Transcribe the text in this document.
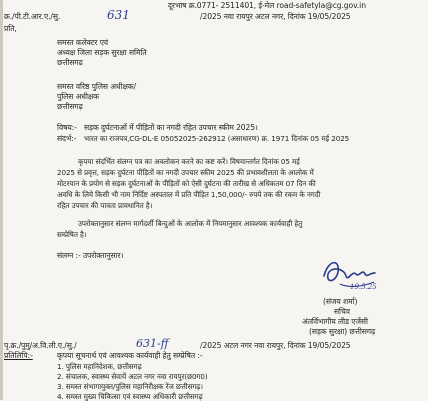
दूरभाष क्र.0771- 2511401, ई-मेल road-safetyla@cg.gov.in
क्र./पी.टी.आर.ए./सु.	631	/2025 नवा रायपुर अटल नगर, दिनांक 19/05/2025
प्रति,
समस्त कलेक्टर एवं
अध्यक्ष जिला सड़क सुरक्षा समिति
छत्तीसगढ
समस्त वरिष्ठ पुलिस अधीक्षक/
पुलिस अधीक्षक
छत्तीसगढ़
विषय:- सड़क दुर्घटनाओं में पीड़ितों का नगदी रहित उपचार स्कीम 2025।
संदर्भ:- भारत का राजपत्र,CG-DL-E 05052025-262912 (असाधारण) क्र. 1971 दिनांक 05 मई 2025
कृपया संदर्भित संलग्न पत्र का अवलोकन करने का कष्ट करें। विषयान्तर्गत दिनांक 05 मई
2025 से प्रवृत्त, सड़क दुर्घटना पीड़ितों का नगदी उपचार स्कीम 2025 की प्रभावशीलता के आलोक में
मोटरयान के प्रयोग से सड़क दुर्घटनाओं के पीड़ितों को ऐसी दुर्घटना की तारीख से अधिकतम 07 दिन की
अवधि के लिये किसी भी नाम निर्दिष्ट अस्पताल में प्रति पीड़ित 1,50,000/- रुपये तक की रकम के नगदी
रहित उपचार की पात्रता प्रावधानित है।
उपरोक्तानुसार संलग्न मार्गदर्शी बिन्दुओं के आलोक में नियमानुसार आवश्यक कार्यवाही हेतु
सम्प्रेषित है।
संलग्न :- उपरोक्तानुसार।
19.5.25
(संजय शर्मा)
सचिव
अंतर्विभागीय लीड एजेंसी
(सड़क सुरक्षा) छत्तीसगढ़
पृ.क्र./पुमु/अ.वि.ली.ए./सु./	631-ff	/2025 अटल नगर नवा रायपुर, दिनांक 19/05/2025
प्रतिलिपि:-	कृपया सूचनार्थ एवं आवश्यक कार्यवाही हेतु सम्प्रेषित :-
1. पुलिस महानिदेशक, छत्तीसगढ़
2. संचालक, स्वास्थ्य सेवायें अटल नगर नवा रायपुर(छ0ग0)
3. समस्त संभागायुक्त/पुलिस महानिरीक्षक रेंज छत्तीसगढ़।
4. समस्त मुख्य चिकित्सा एवं स्वास्थ्य अधिकारी छत्तीसगढ़
